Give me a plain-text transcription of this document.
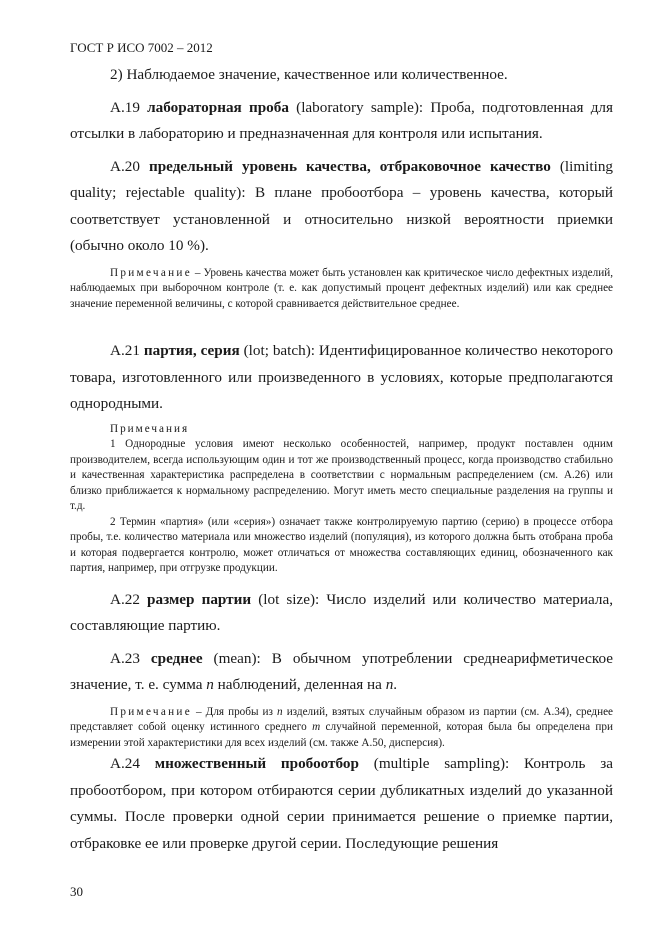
ГОСТ Р ИСО 7002 – 2012

2) Наблюдаемое значение, качественное или количественное.

А.19 лабораторная проба (laboratory sample): Проба, подготовленная для отсылки в лабораторию и предназначенная для контроля или испытания.

А.20 предельный уровень качества, отбраковочное качество (limiting quality; rejectable quality): В плане пробоотбора – уровень качества, который соответствует установленной и относительно низкой вероятности приемки (обычно около 10 %).

Примечание – Уровень качества может быть установлен как критическое число дефектных изделий, наблюдаемых при выборочном контроле (т. е. как допустимый процент дефектных изделий) или как среднее значение переменной величины, с которой сравнивается действительное среднее.

А.21 партия, серия (lot; batch): Идентифицированное количество некоторого товара, изготовленного или произведенного в условиях, которые предполагаются однородными.

Примечания

1 Однородные условия имеют несколько особенностей, например, продукт поставлен одним производителем, всегда использующим один и тот же производственный процесс, когда производство стабильно и качественная характеристика распределена в соответствии с нормальным распределением (см. А.26) или близко приближается к нормальному распределению. Могут иметь место специальные разделения на группы и т.д.

2 Термин «партия» (или «серия») означает также контролируемую партию (серию) в процессе отбора пробы, т.е. количество материала или множество изделий (популяция), из которого должна быть отобрана проба и которая подвергается контролю, может отличаться от множества составляющих единиц, обозначенного как партия, например, при отгрузке продукции.

А.22 размер партии (lot size): Число изделий или количество материала, составляющие партию.

А.23 среднее (mean): В обычном употреблении среднеарифметическое значение, т. е. сумма n наблюдений, деленная на n.

Примечание – Для пробы из n изделий, взятых случайным образом из партии (см. А.34), среднее представляет собой оценку истинного среднего m случайной переменной, которая была бы определена при измерении этой характеристики для всех изделий (см. также А.50, дисперсия).

А.24 множественный пробоотбор (multiple sampling): Контроль за пробоотбором, при котором отбираются серии дубликатных изделий до указанной суммы. После проверки одной серии принимается решение о приемке партии, отбраковке ее или проверке другой серии. Последующие решения

30
